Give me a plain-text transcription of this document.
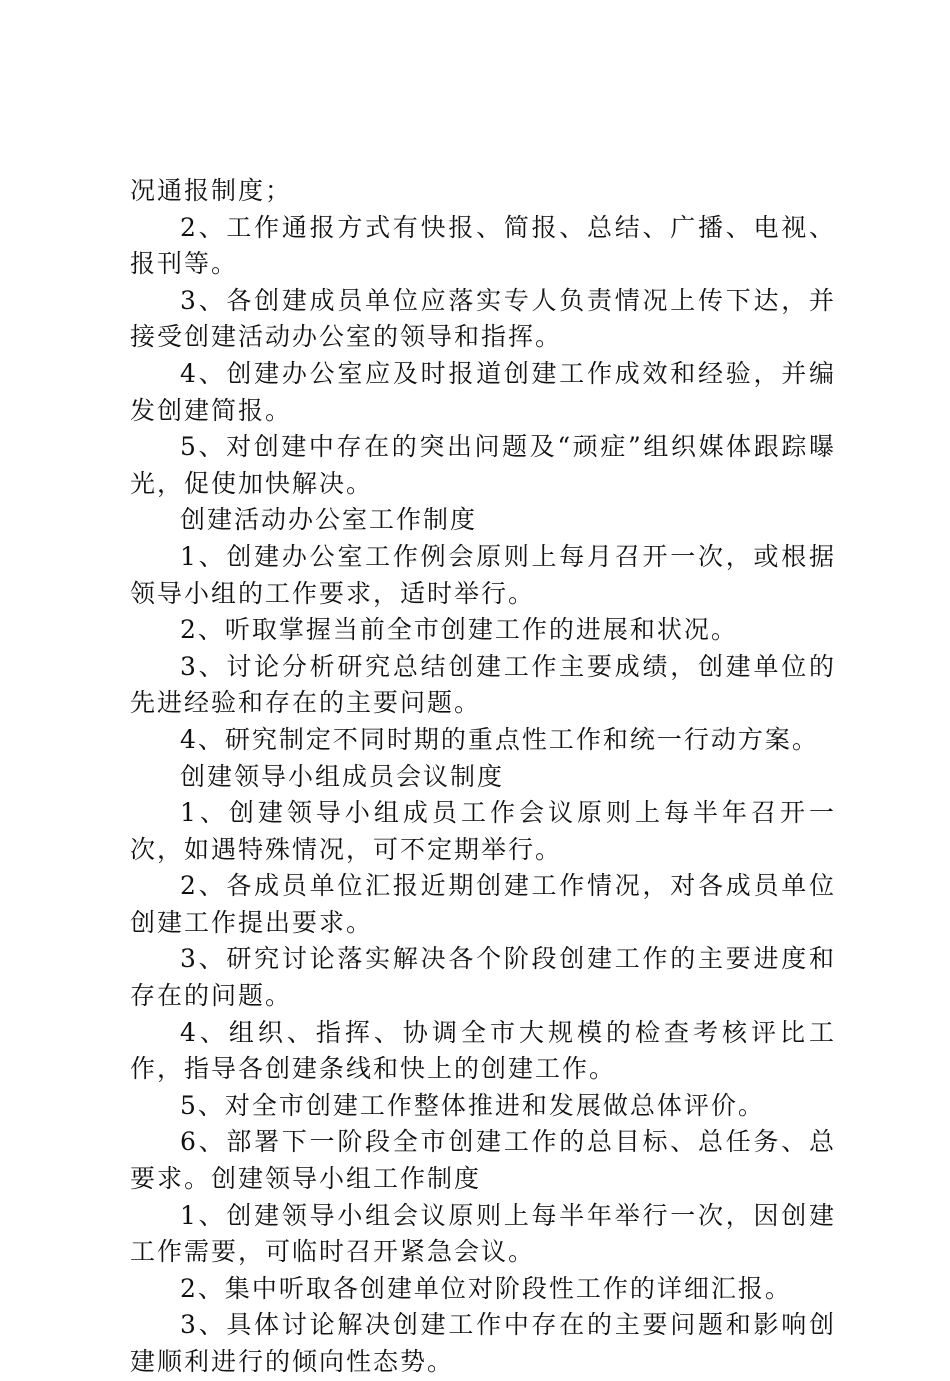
况通报制度；

2、工作通报方式有快报、简报、总结、广播、电视、报刊等。

3、各创建成员单位应落实专人负责情况上传下达，并接受创建活动办公室的领导和指挥。

4、创建办公室应及时报道创建工作成效和经验，并编发创建简报。

5、对创建中存在的突出问题及“顽症”组织媒体跟踪曝光，促使加快解决。

创建活动办公室工作制度

1、创建办公室工作例会原则上每月召开一次，或根据领导小组的工作要求，适时举行。

2、听取掌握当前全市创建工作的进展和状况。

3、讨论分析研究总结创建工作主要成绩，创建单位的先进经验和存在的主要问题。

4、研究制定不同时期的重点性工作和统一行动方案。

创建领导小组成员会议制度

1、创建领导小组成员工作会议原则上每半年召开一次，如遇特殊情况，可不定期举行。

2、各成员单位汇报近期创建工作情况，对各成员单位创建工作提出要求。

3、研究讨论落实解决各个阶段创建工作的主要进度和存在的问题。

4、组织、指挥、协调全市大规模的检查考核评比工作，指导各创建条线和快上的创建工作。

5、对全市创建工作整体推进和发展做总体评价。

6、部署下一阶段全市创建工作的总目标、总任务、总要求。创建领导小组工作制度

1、创建领导小组会议原则上每半年举行一次，因创建工作需要，可临时召开紧急会议。

2、集中听取各创建单位对阶段性工作的详细汇报。

3、具体讨论解决创建工作中存在的主要问题和影响创建顺利进行的倾向性态势。
